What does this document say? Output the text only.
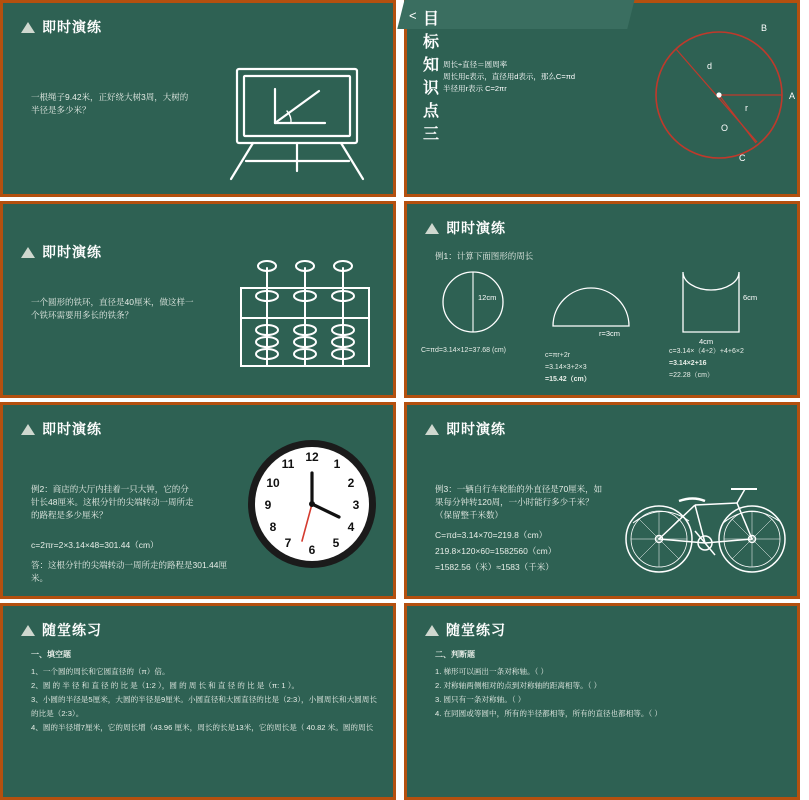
即时演练
一根绳子9.42米，正好绕大树3周，大树的半径是多少米？
目标知识点三
<
周长÷直径＝圆周率
周长用c表示，直径用d表示，那么C=πd
半径用r表示 C=2πr
B
d
A
r
O
C
即时演练
一个圆形的铁环，直径是40厘米，做这样一个铁环需要用多长的铁条？
即时演练
例1：计算下面图形的周长
12cm
C=πd=3.14×12=37.68 (cm)
r=3cm
c=πr+2r
=3.14×3+2×3
=15.42（cm）
6cm
4cm
c=3.14×（4÷2）+4+6×2
=3.14×2+16
=22.28（cm）
即时演练
例2：商店的大厅内挂着一只大钟，它的分针长48厘米。这根分针的尖端转动一周所走的路程是多少厘米？
c=2πr=2×3.14×48=301.44（cm）
答：这根分针的尖端转动一周所走的路程是301.44厘米。
12 1
2
3
4
5
6
7
8
9
10
11
即时演练
例3：一辆自行车轮胎的外直径是70厘米，如果每分钟转120周，一小时能行多少千米？（保留整千米数）
C=πd=3.14×70=219.8（cm）
219.8×120×60=1582560（cm）
=1582.56（米）≈1583（千米）
随堂练习
一、填空题
1、一个圆的周长和它圆直径的（π）倍。
2、圆 的 半 径 和 直 径 的 比 是（1:2 ），圆 的 周 长 和 直 径 的 比 是（π: 1 ）。
3、小圆的半径是5厘米，大圆的半径是9厘米。小圆直径和大圆直径的比是（2:3），小圆周长和大圆周长的比是（2:3）。
4、圆的半径增7厘米，它的周长增（43.96 厘米，周长的长是13米，它的周长是（ 40.82 米。圆的周长
随堂练习
二、判断题
1. 梯形可以画出一条对称轴。（ ）
2. 对称轴两侧相对的点到对称轴的距离相等。（ ）
3. 圆只有一条对称轴。（ ）
4. 在同圆或等圆中，所有的半径都相等，所有的直径也都相等。（ ）
